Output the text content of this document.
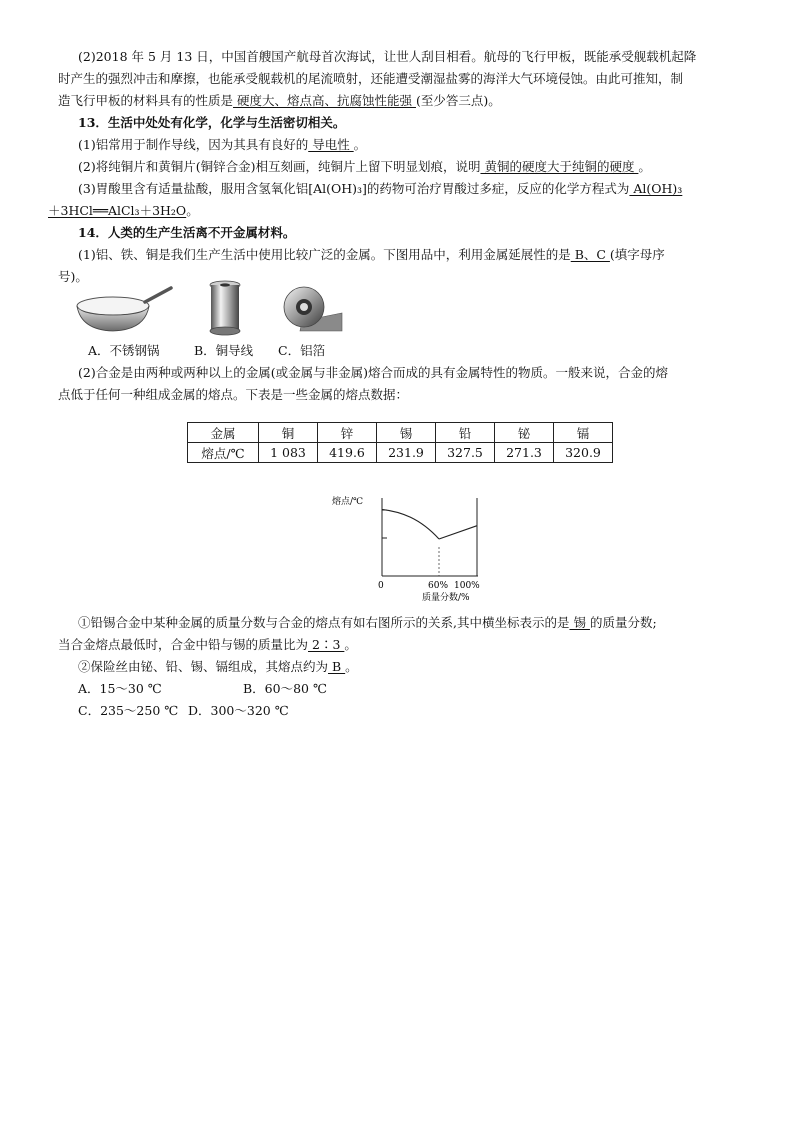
(2)2018 年 5 月 13 日，中国首艘国产航母首次海试，让世人刮目相看。航母的飞行甲板，既能承受舰载机起降
时产生的强烈冲击和摩擦，也能承受舰载机的尾流喷射，还能遭受潮湿盐雾的海洋大气环境侵蚀。由此可推知，制
造飞行甲板的材料具有的性质是 硬度大、熔点高、抗腐蚀性能强 (至少答三点)。
13．生活中处处有化学，化学与生活密切相关。
(1)铝常用于制作导线，因为其具有良好的 导电性 。
(2)将纯铜片和黄铜片(铜锌合金)相互刻画，纯铜片上留下明显划痕，说明 黄铜的硬度大于纯铜的硬度 。
(3)胃酸里含有适量盐酸，服用含氢氧化铝[Al(OH)₃]的药物可治疗胃酸过多症，反应的化学方程式为 Al(OH)₃
＋3HCl══AlCl₃＋3H₂O。
14．人类的生产生活离不开金属材料。
(1)铝、铁、铜是我们生产生活中使用比较广泛的金属。下图用品中，利用金属延展性的是 B、C (填字母序
号)。
A．不锈钢锅	B．铜导线 C．铝箔
(2)合金是由两种或两种以上的金属(或金属与非金属)熔合而成的具有金属特性的物质。一般来说，合金的熔
点低于任何一种组成金属的熔点。下表是一些金属的熔点数据：
金属	铜	锌	锡	铅	铋	镉
熔点/℃	1 083	419.6	231.9	327.5	271.3	320.9
熔点/℃
0	60% 100%
质量分数/%
①铅锡合金中某种金属的质量分数与合金的熔点有如右图所示的关系,其中横坐标表示的是 锡 的质量分数;
当合金熔点最低时，合金中铅与锡的质量比为 2∶3 。
②保险丝由铋、铅、锡、镉组成，其熔点约为 B 。
A．15～30 ℃	B．60～80 ℃
C．235～250 ℃ D．300～320 ℃
